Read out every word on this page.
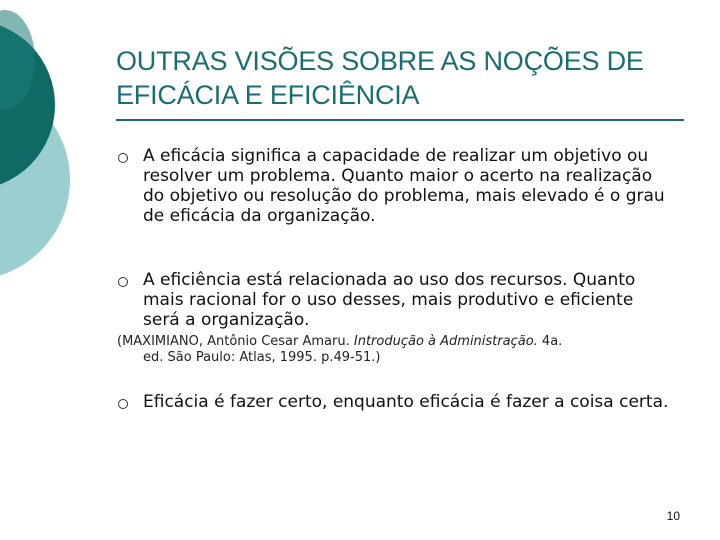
OUTRAS VISÕES SOBRE AS NOÇÕES DE EFICÁCIA E EFICIÊNCIA
A eficácia significa a capacidade de realizar um objetivo ou resolver um problema. Quanto maior o acerto na realização do objetivo ou resolução do problema, mais elevado é o grau de eficácia da organização.
A eficiência está relacionada ao uso dos recursos. Quanto mais racional for o uso desses, mais produtivo e eficiente será a organização.
(MAXIMIANO, Antônio Cesar Amaru. Introdução à Administração. 4a.
ed. São Paulo: Atlas, 1995. p.49-51.)
Eficácia é fazer certo, enquanto eficácia é fazer a coisa certa.
10
